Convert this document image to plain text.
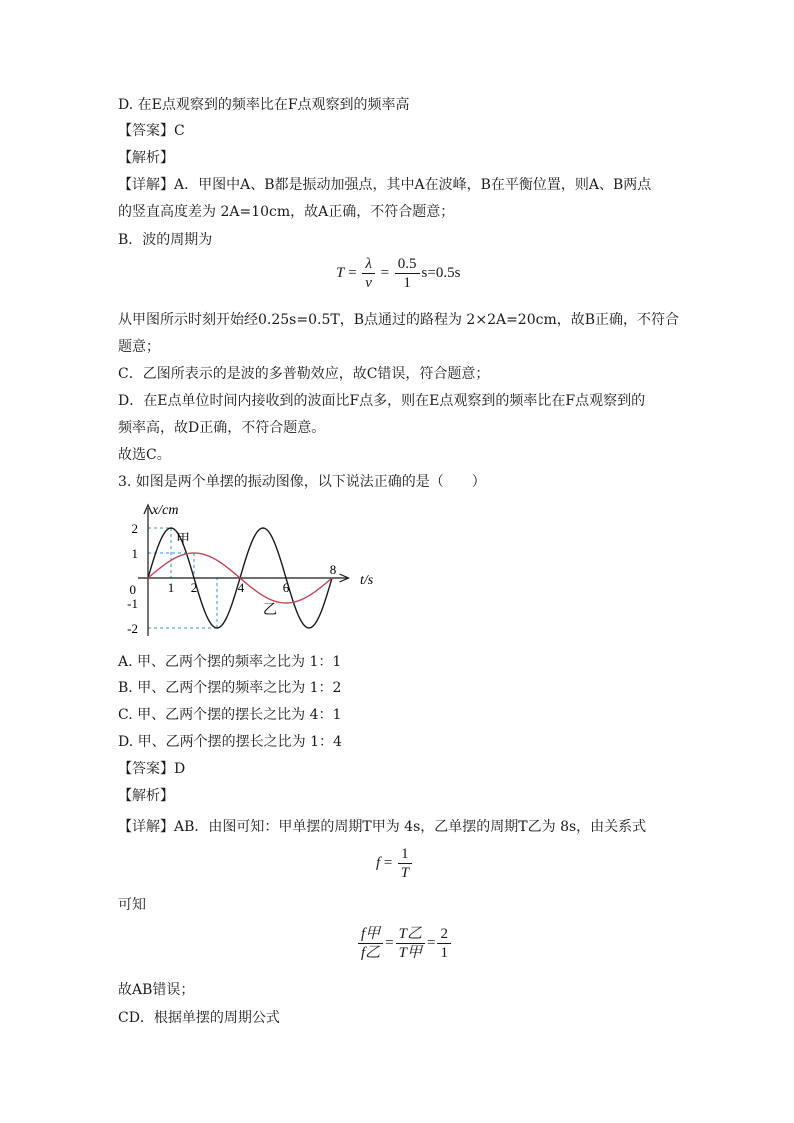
D. 在E点观察到的频率比在F点观察到的频率高
【答案】C
【解析】
【详解】A．甲图中A、B都是振动加强点，其中A在波峰，B在平衡位置，则A、B两点
的竖直高度差为 2A=10cm，故A正确，不符合题意；
B．波的周期为
$T = \frac{\lambda}{v} = \frac{0.5}{1} s=0.5s$
从甲图所示时刻开始经0.25s=0.5T，B点通过的路程为 2×2A=20cm，故B正确，不符合
题意；
C．乙图所表示的是波的多普勒效应，故C错误，符合题意；
D．在E点单位时间内接收到的波面比F点多，则在E点观察到的频率比在F点观察到的
频率高，故D正确，不符合题意。
故选C。
3. 如图是两个单摆的振动图像，以下说法正确的是（　　）
x/cm
t/s
甲
乙
2
1
0
-1
-2
1 2	4	6
8
A. 甲、乙两个摆的频率之比为 1：1
B. 甲、乙两个摆的频率之比为 1：2
C. 甲、乙两个摆的摆长之比为 4：1
D. 甲、乙两个摆的摆长之比为 1：4
【答案】D
【解析】
【详解】AB．由图可知：甲单摆的周期T甲为 4s，乙单摆的周期T乙为 8s，由关系式
$f = \frac{1}{T}$
可知
$\frac{\text{f甲}}{\text{f乙}} = \frac{\text{T乙}}{\text{T甲}} = \frac{2}{1}$
故AB错误；
CD．根据单摆的周期公式
